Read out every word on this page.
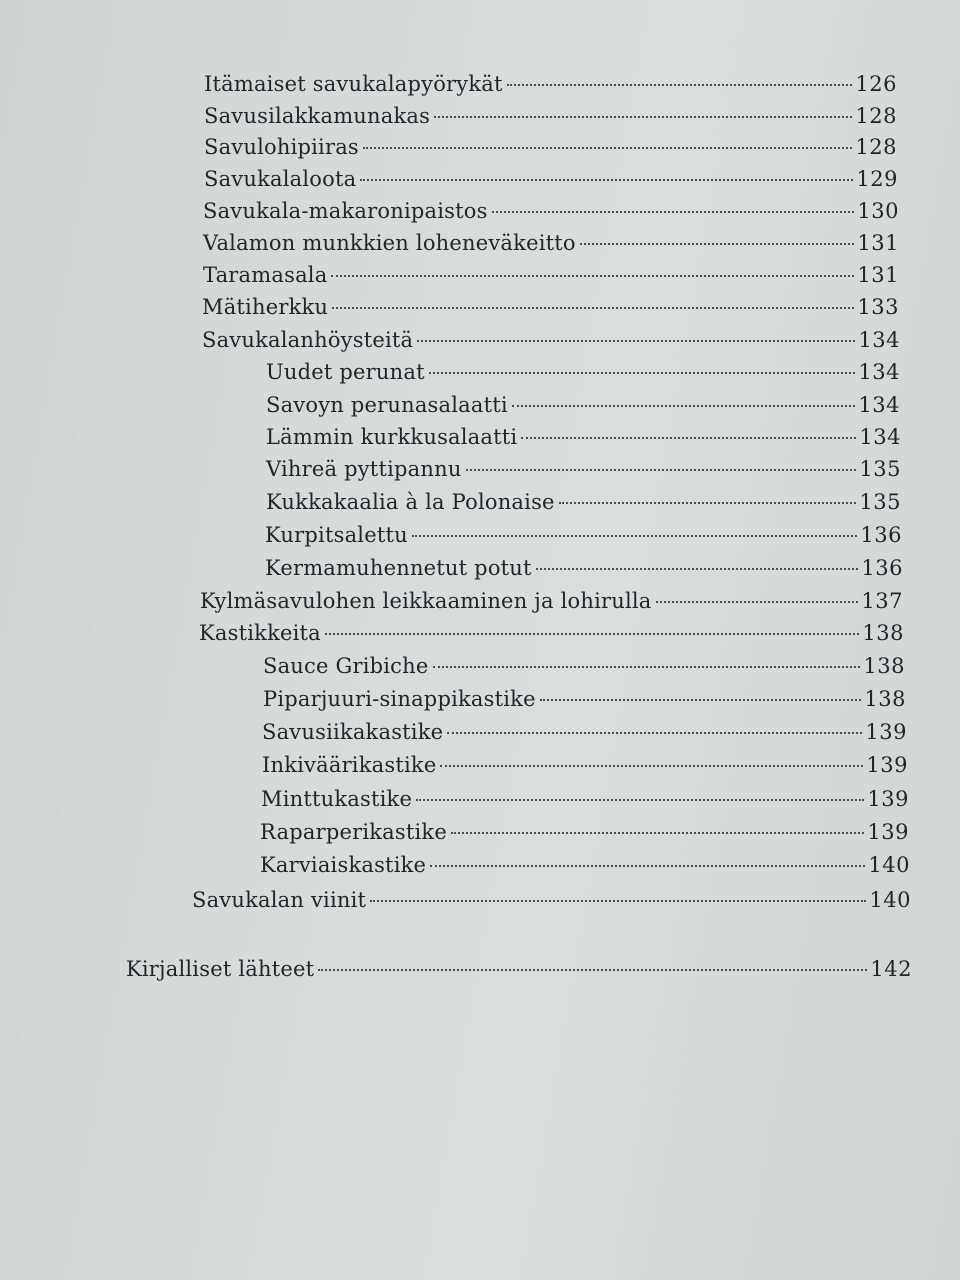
Itämaiset savukalapyörykät	126
Savusilakkamunakas	128
Savulohipiiras	128
Savukalaloota	129
Savukala-makaronipaistos	130
Valamon munkkien loheneväkeitto	131
Taramasala	131
Mätiherkku	133
Savukalanhöysteitä	134
Uudet perunat	134
Savoyn perunasalaatti	134
Lämmin kurkkusalaatti	134
Vihreä pyttipannu	135
Kukkakaalia à la Polonaise	135
Kurpitsalettu	136
Kermamuhennetut potut	136
Kylmäsavulohen leikkaaminen ja lohirulla	137
Kastikkeita	138
Sauce Gribiche	138
Piparjuuri-sinappikastike	138
Savusiikakastike	139
Inkiväärikastike	139
Minttukastike	139
Raparperikastike	139
Karviaiskastike	140
Savukalan viinit	140
Kirjalliset lähteet	142
